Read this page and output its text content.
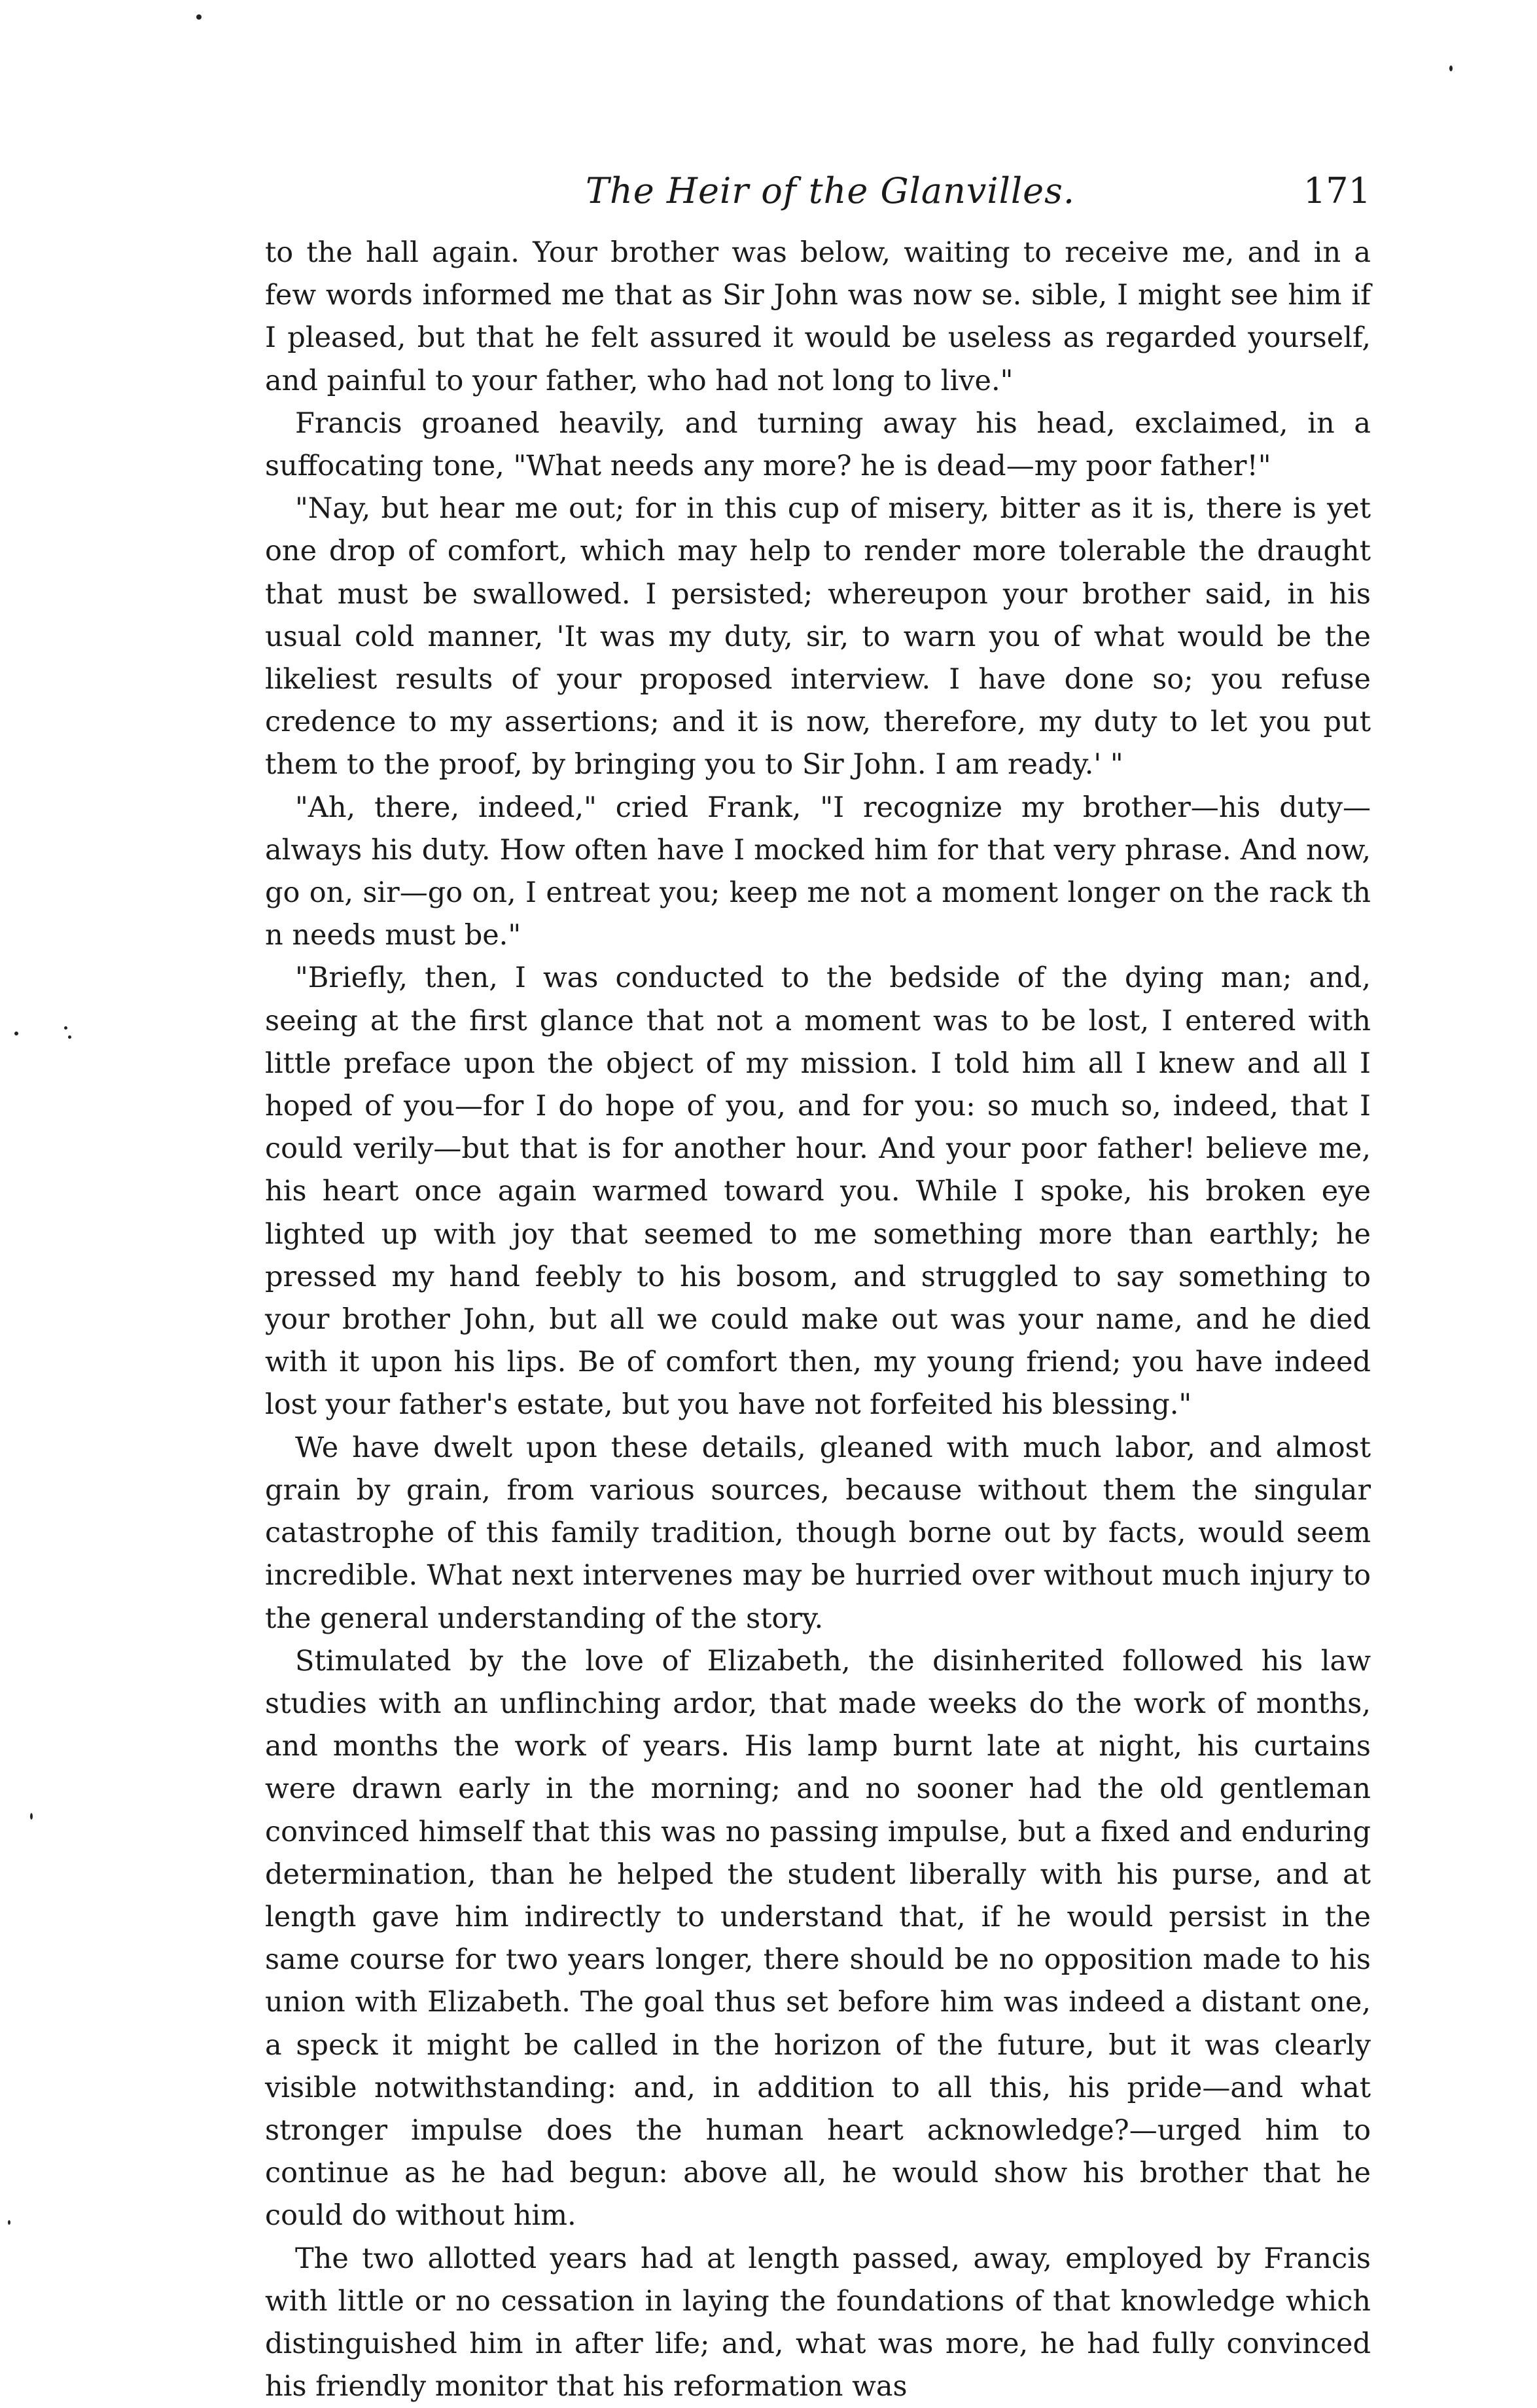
The Heir of the Glanvilles.	171

to the hall again. Your brother was below, waiting to receive me, and in a few words informed me that as Sir John was now se. sible, I might see him if I pleased, but that he felt assured it would be useless as regarded yourself, and painful to your father, who had not long to live."

Francis groaned heavily, and turning away his head, exclaimed, in a suffocating tone, "What needs any more? he is dead—my poor father!"

"Nay, but hear me out; for in this cup of misery, bitter as it is, there is yet one drop of comfort, which may help to render more tolerable the draught that must be swallowed. I persisted; whereupon your brother said, in his usual cold manner, 'It was my duty, sir, to warn you of what would be the likeliest results of your proposed interview. I have done so; you refuse credence to my assertions; and it is now, therefore, my duty to let you put them to the proof, by bringing you to Sir John. I am ready.' "

"Ah, there, indeed," cried Frank, "I recognize my brother—his duty—always his duty. How often have I mocked him for that very phrase. And now, go on, sir—go on, I entreat you; keep me not a moment longer on the rack th n needs must be."

"Briefly, then, I was conducted to the bedside of the dying man; and, seeing at the first glance that not a moment was to be lost, I entered with little preface upon the object of my mission. I told him all I knew and all I hoped of you—for I do hope of you, and for you: so much so, indeed, that I could verily—but that is for another hour. And your poor father! believe me, his heart once again warmed toward you. While I spoke, his broken eye lighted up with joy that seemed to me something more than earthly; he pressed my hand feebly to his bosom, and struggled to say something to your brother John, but all we could make out was your name, and he died with it upon his lips. Be of comfort then, my young friend; you have indeed lost your father's estate, but you have not forfeited his blessing."

We have dwelt upon these details, gleaned with much labor, and almost grain by grain, from various sources, because without them the singular catastrophe of this family tradition, though borne out by facts, would seem incredible. What next intervenes may be hurried over without much injury to the general understanding of the story.

Stimulated by the love of Elizabeth, the disinherited followed his law studies with an unflinching ardor, that made weeks do the work of months, and months the work of years. His lamp burnt late at night, his curtains were drawn early in the morning; and no sooner had the old gentleman convinced himself that this was no passing impulse, but a fixed and enduring determination, than he helped the student liberally with his purse, and at length gave him indirectly to understand that, if he would persist in the same course for two years longer, there should be no opposition made to his union with Elizabeth. The goal thus set before him was indeed a distant one, a speck it might be called in the horizon of the future, but it was clearly visible notwithstanding: and, in addition to all this, his pride—and what stronger impulse does the human heart acknowledge?—urged him to continue as he had begun: above all, he would show his brother that he could do without him.

The two allotted years had at length passed, away, employed by Francis with little or no cessation in laying the foundations of that knowledge which distinguished him in after life; and, what was more, he had fully convinced his friendly monitor that his reformation was
